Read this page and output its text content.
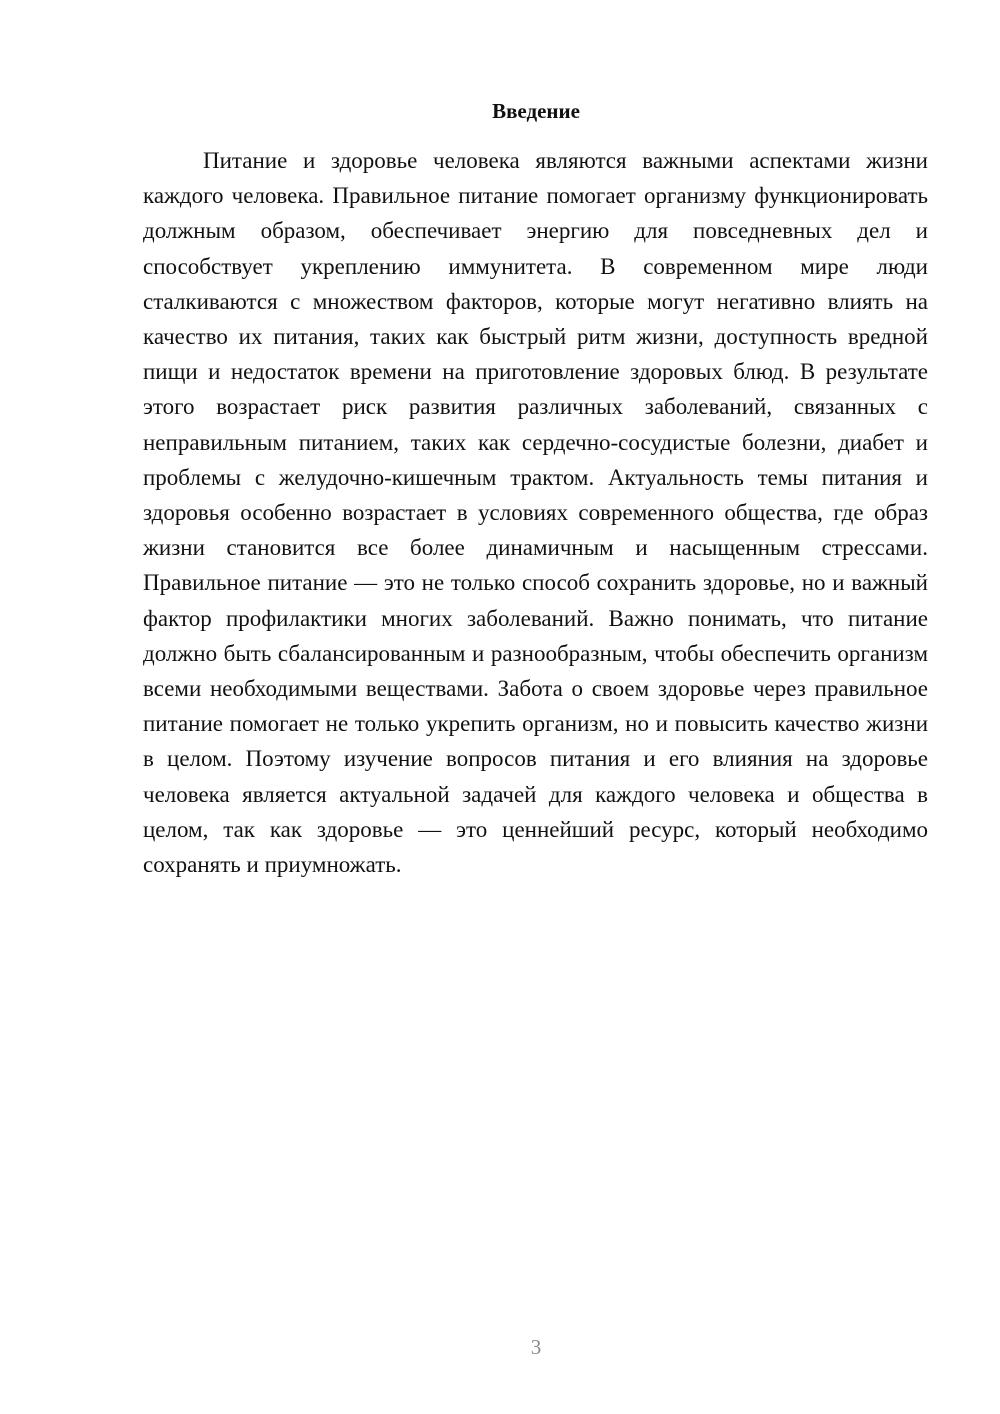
Введение

Питание и здоровье человека являются важными аспектами жизни каждого человека. Правильное питание помогает организму функционировать должным образом, обеспечивает энергию для повседневных дел и способствует укреплению иммунитета. В современном мире люди сталкиваются с множеством факторов, которые могут негативно влиять на качество их питания, таких как быстрый ритм жизни, доступность вредной пищи и недостаток времени на приготовление здоровых блюд. В результате этого возрастает риск развития различных заболеваний, связанных с неправильным питанием, таких как сердечно-сосудистые болезни, диабет и проблемы с желудочно-кишечным трактом. Актуальность темы питания и здоровья особенно возрастает в условиях современного общества, где образ жизни становится все более динамичным и насыщенным стрессами. Правильное питание — это не только способ сохранить здоровье, но и важный фактор профилактики многих заболеваний. Важно понимать, что питание должно быть сбалансированным и разнообразным, чтобы обеспечить организм всеми необходимыми веществами. Забота о своем здоровье через правильное питание помогает не только укрепить организм, но и повысить качество жизни в целом. Поэтому изучение вопросов питания и его влияния на здоровье человека является актуальной задачей для каждого человека и общества в целом, так как здоровье — это ценнейший ресурс, который необходимо сохранять и приумножать.

3
